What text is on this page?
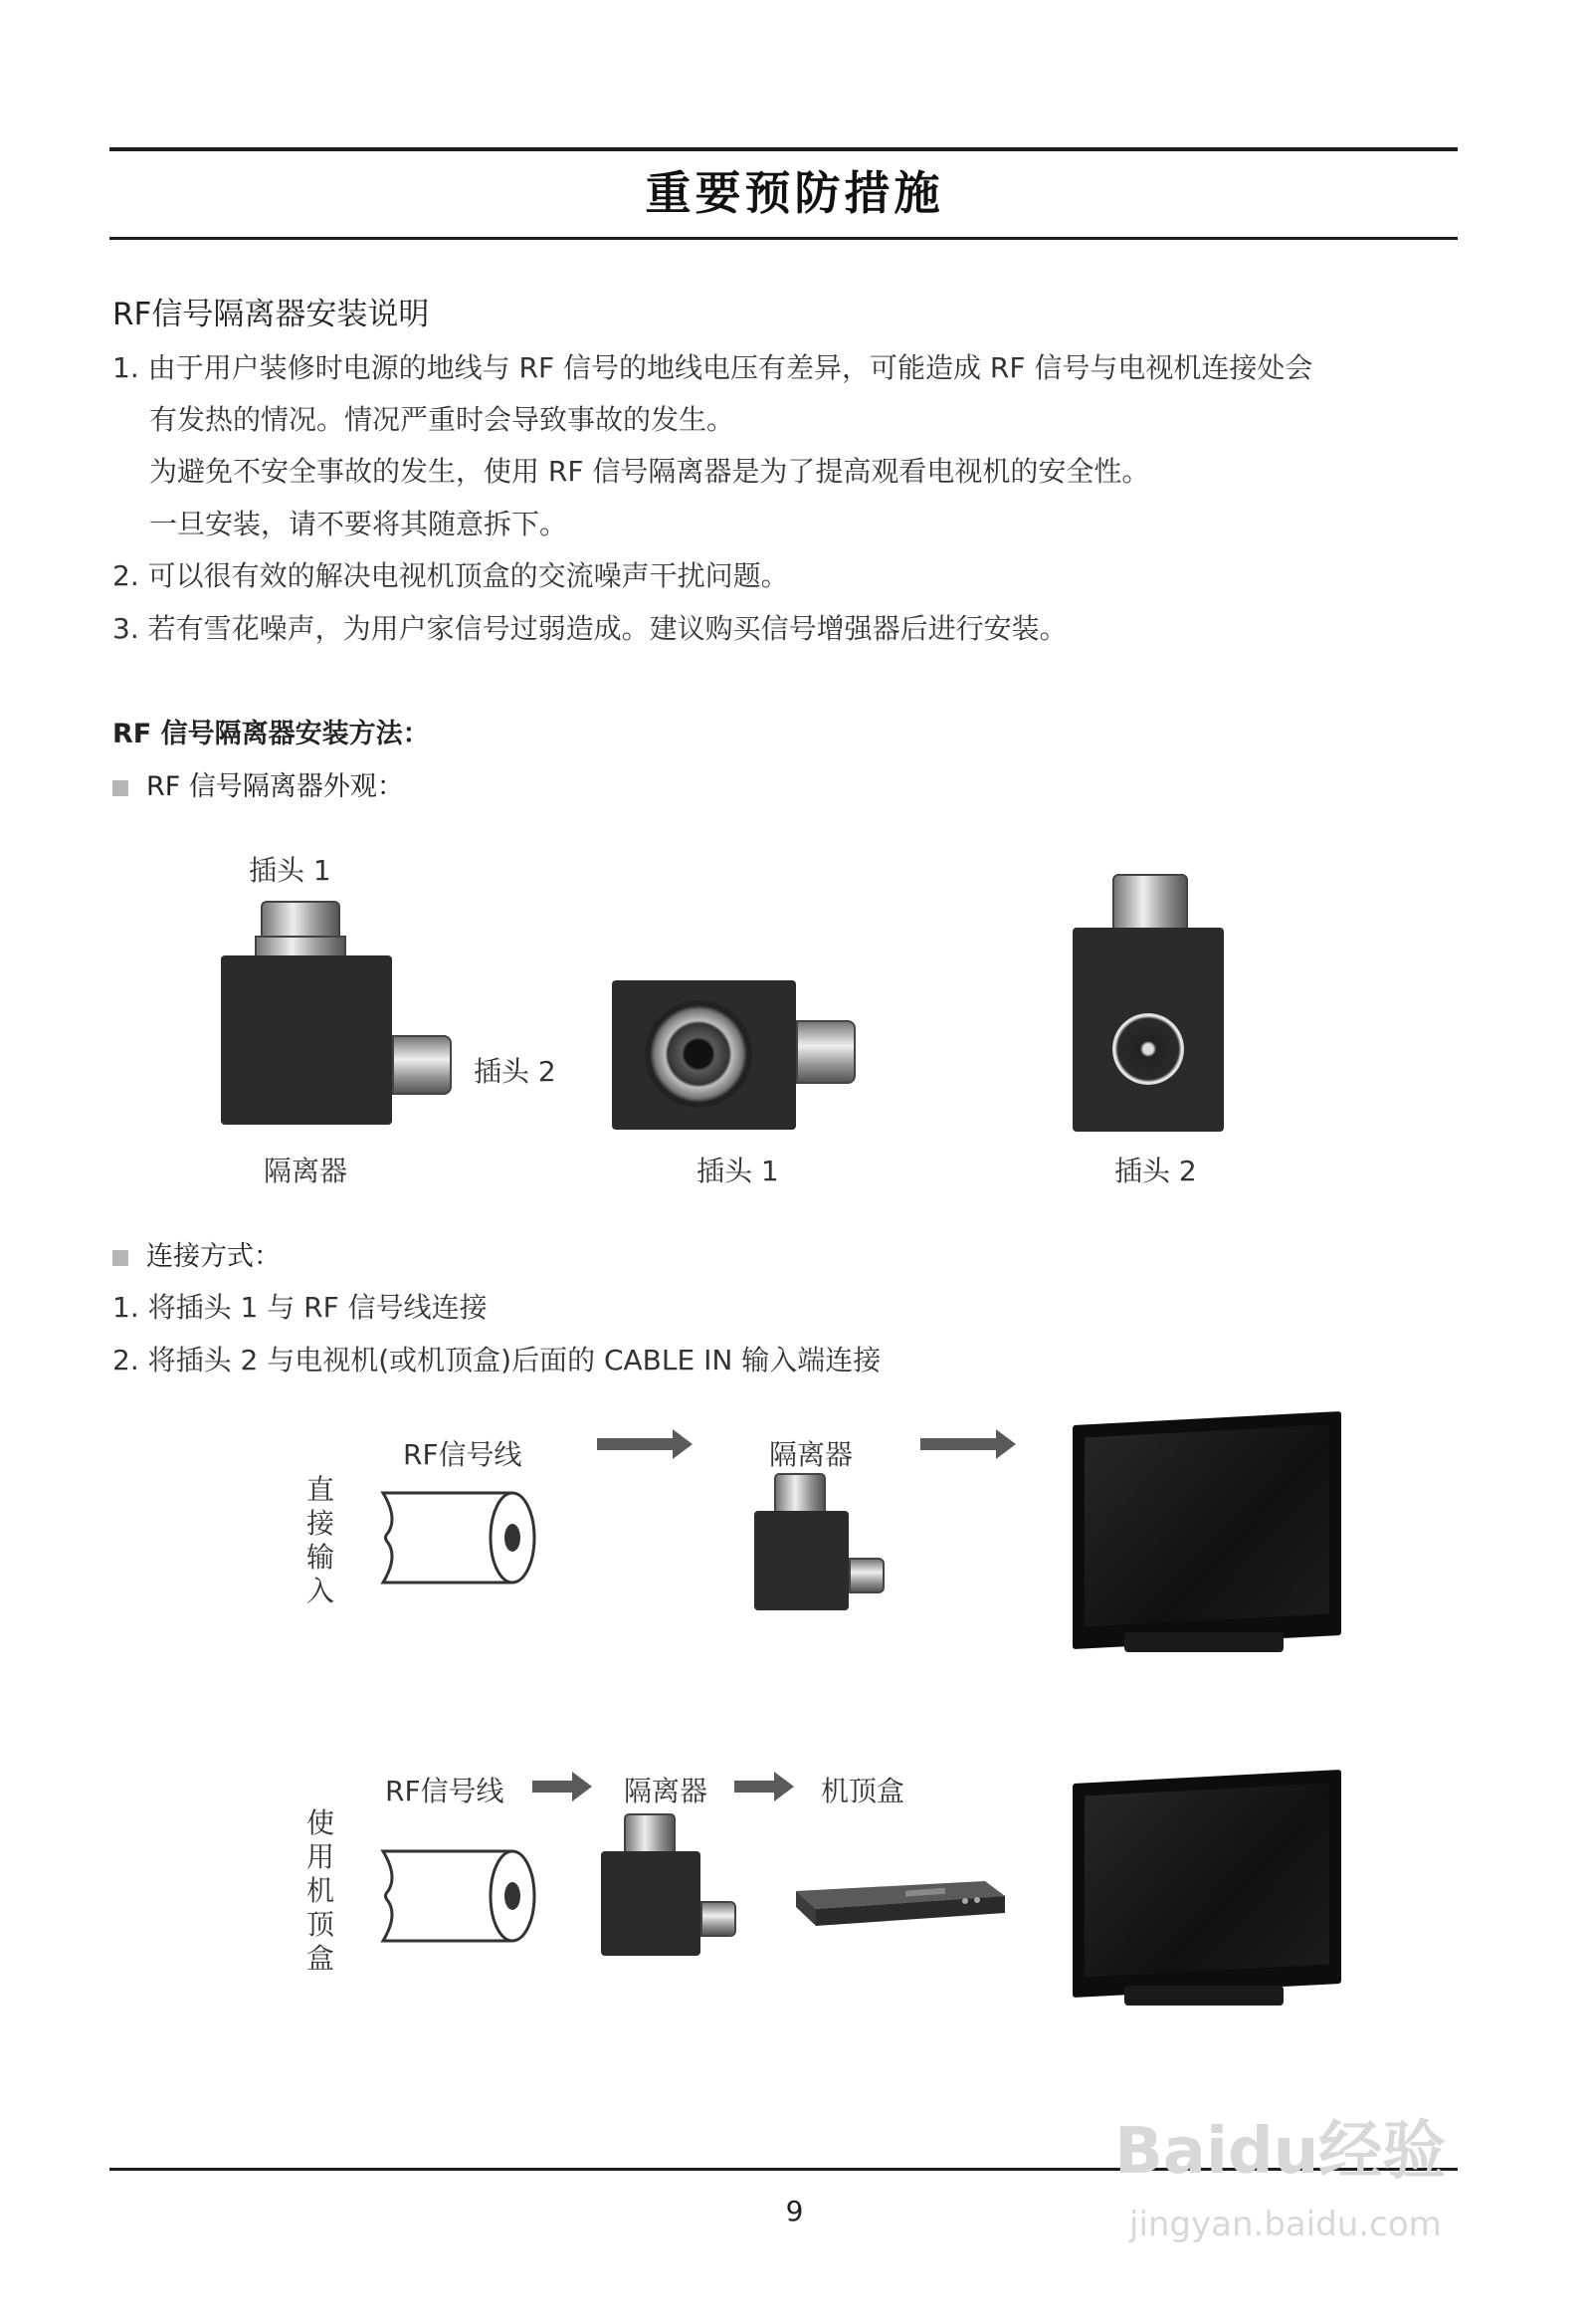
重要预防措施
RF信号隔离器安装说明
1. 由于用户装修时电源的地线与 RF 信号的地线电压有差异，可能造成 RF 信号与电视机连接处会
有发热的情况。情况严重时会导致事故的发生。
为避免不安全事故的发生，使用 RF 信号隔离器是为了提高观看电视机的安全性。
一旦安装，请不要将其随意拆下。
2. 可以很有效的解决电视机顶盒的交流噪声干扰问题。
3. 若有雪花噪声，为用户家信号过弱造成。建议购买信号增强器后进行安装。
RF 信号隔离器安装方法：
RF 信号隔离器外观：
插头 1
插头 2
隔离器	插头 1	插头 2
连接方式：
1. 将插头 1 与 RF 信号线连接
2. 将插头 2 与电视机(或机顶盒)后面的 CABLE IN 输入端连接
直
接
输
入
RF信号线	隔离器
使
用
机
顶
盒
RF信号线	隔离器	机顶盒
9
Baidu经验
jingyan.baidu.com
